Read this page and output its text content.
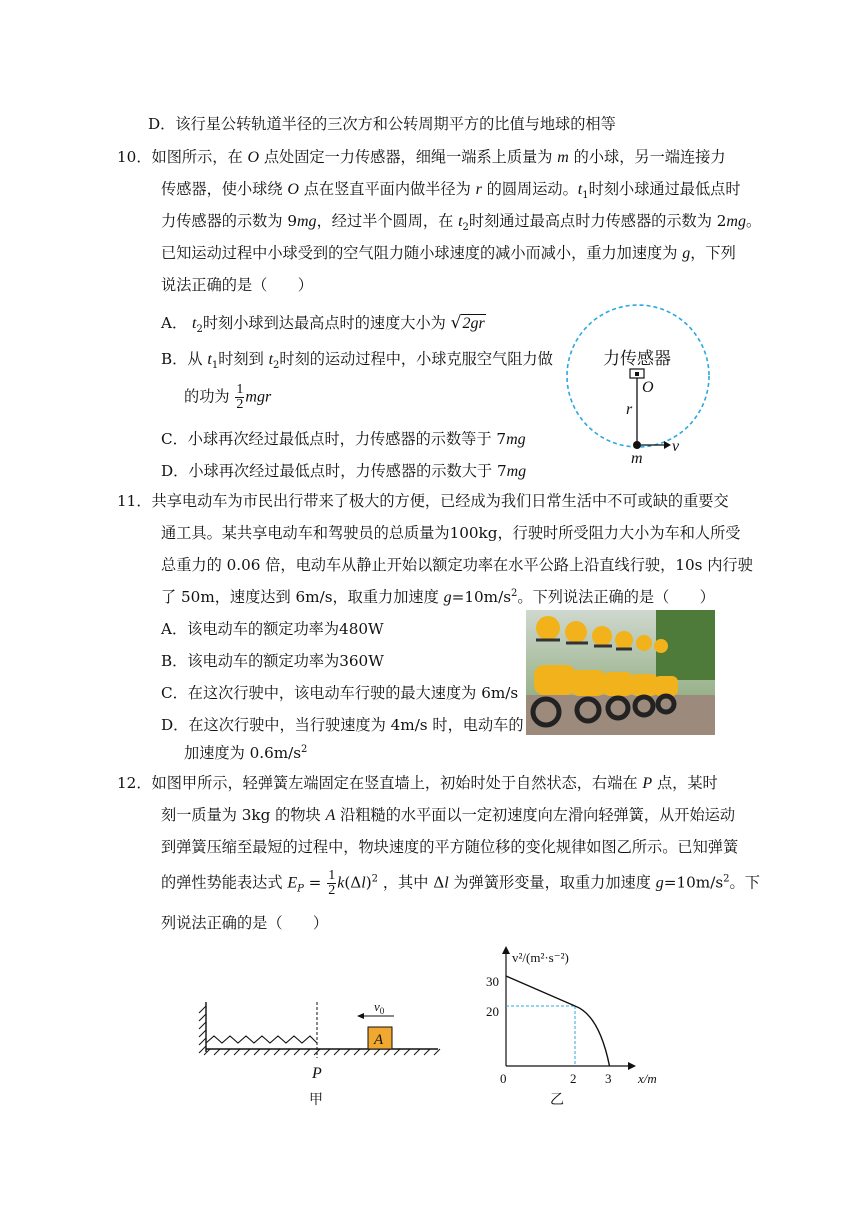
D．该行星公转轨道半径的三次方和公转周期平方的比值与地球的相等
10．如图所示，在 O 点处固定一力传感器，细绳一端系上质量为 m 的小球，另一端连接力
传感器，使小球绕 O 点在竖直平面内做半径为 r 的圆周运动。$t_1$时刻小球通过最低点时
力传感器的示数为 9mg，经过半个圆周，在 $t_2$时刻通过最高点时力传感器的示数为 2mg。
已知运动过程中小球受到的空气阻力随小球速度的减小而减小，重力加速度为 g，下列
说法正确的是（　　）
A． $t_2$时刻小球到达最高点时的速度大小为 √2gr
B．从 $t_1$时刻到 $t_2$时刻的运动过程中，小球克服空气阻力做
的功为 $\frac{1}{2}$ mgr
C．小球再次经过最低点时，力传感器的示数等于 7mg
D．小球再次经过最低点时，力传感器的示数大于 7mg
力传感器
O
r
v
m
11．共享电动车为市民出行带来了极大的方便，已经成为我们日常生活中不可或缺的重要交
通工具。某共享电动车和驾驶员的总质量为100kg，行驶时所受阻力大小为车和人所受
总重力的 0.06 倍，电动车从静止开始以额定功率在水平公路上沿直线行驶，10s 内行驶
了 50m，速度达到 6m/s，取重力加速度 $g=10m/s^2$。下列说法正确的是（　　）
A．该电动车的额定功率为480W
B．该电动车的额定功率为360W
C．在这次行驶中，该电动车行驶的最大速度为 6m/s
D．在这次行驶中，当行驶速度为 4m/s 时，电动车的
加速度为 $0.6m/s^2$
12．如图甲所示，轻弹簧左端固定在竖直墙上，初始时处于自然状态，右端在 P 点，某时
刻一质量为 3kg 的物块 A 沿粗糙的水平面以一定初速度向左滑向轻弹簧，从开始运动
到弹簧压缩至最短的过程中，物块速度的平方随位移的变化规律如图乙所示。已知弹簧
的弹性势能表达式 $E_P = \frac{1}{2} k(\Delta l)^2$ ，其中 Δl 为弹簧形变量，取重力加速度 $g=10m/s^2$。下
列说法正确的是（　　）
P
A
$v_0$
甲
v²/(m²·s⁻²)
x/m
30
20
0	2 3
乙
